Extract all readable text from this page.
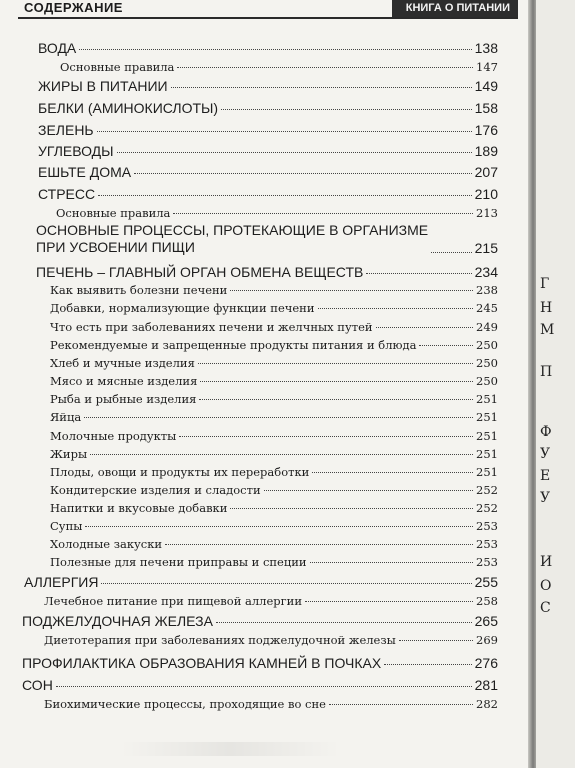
СОДЕРЖАНИЕ	КНИГА О ПИТАНИИ
ВОДА	138
Основные правила	147
ЖИРЫ В ПИТАНИИ	149
БЕЛКИ (АМИНОКИСЛОТЫ)	158
ЗЕЛЕНЬ	176
УГЛЕВОДЫ	189
ЕШЬТЕ ДОМА	207
СТРЕСС	210
Основные правила	213
ОСНОВНЫЕ ПРОЦЕССЫ, ПРОТЕКАЮЩИЕ В ОРГАНИЗМЕ
ПРИ УСВОЕНИИ ПИЩИ	215
ПЕЧЕНЬ – ГЛАВНЫЙ ОРГАН ОБМЕНА ВЕЩЕСТВ	234
Как выявить болезни печени	238
Добавки, нормализующие функции печени	245
Что есть при заболеваниях печени и желчных путей	249
Рекомендуемые и запрещенные продукты питания и блюда	250
Хлеб и мучные изделия	250
Мясо и мясные изделия	250
Рыба и рыбные изделия	251
Яйца	251
Молочные продукты	251
Жиры	251
Плоды, овощи и продукты их переработки	251
Кондитерские изделия и сладости	252
Напитки и вкусовые добавки	252
Супы	253
Холодные закуски	253
Полезные для печени приправы и специи	253
АЛЛЕРГИЯ	255
Лечебное питание при пищевой аллергии	258
ПОДЖЕЛУДОЧНАЯ ЖЕЛЕЗА	265
Диетотерапия при заболеваниях поджелудочной железы	269
ПРОФИЛАКТИКА ОБРАЗОВАНИЯ КАМНЕЙ В ПОЧКАХ	276
СОН	281
Биохимические процессы, проходящие во сне	282
Г
Н
М
П
Ф
У
Е
У
И
О
С
